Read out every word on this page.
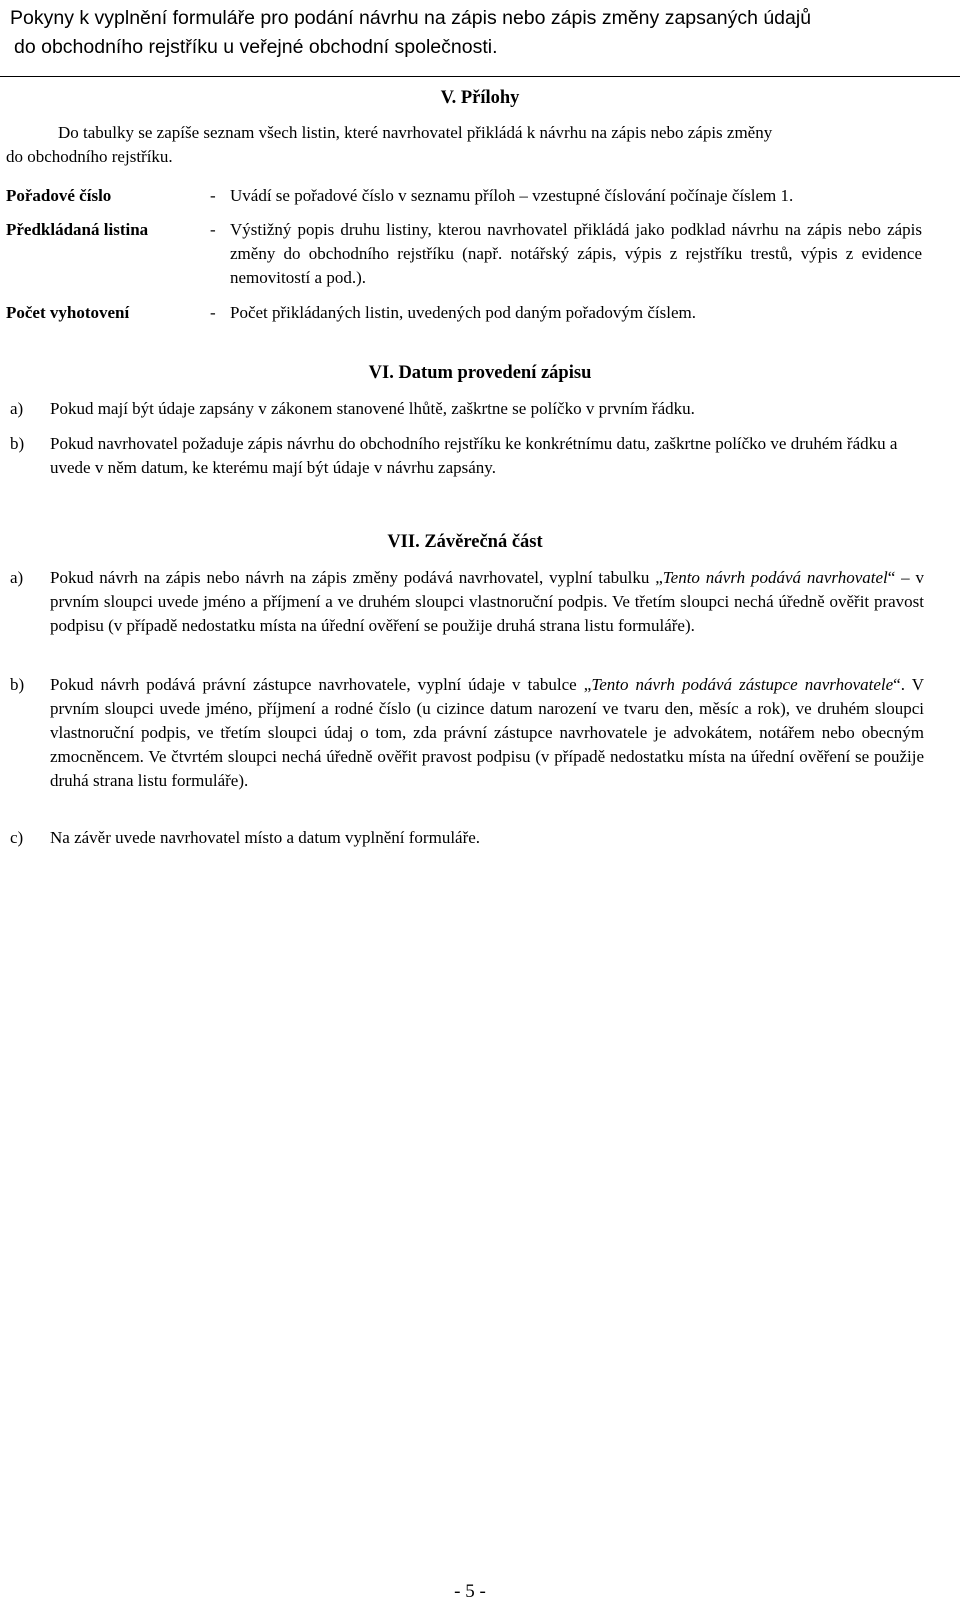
Pokyny k vyplnění formuláře pro podání návrhu na zápis nebo zápis změny zapsaných údajů
do obchodního rejstříku u veřejné obchodní společnosti.
V. Přílohy
Do tabulky se zapíše seznam všech listin, které navrhovatel přikládá k návrhu na zápis nebo zápis změny
do obchodního rejstříku.
Pořadové číslo	- Uvádí se pořadové číslo v seznamu příloh – vzestupné číslování počínaje číslem 1.
Předkládaná listina	- Výstižný popis druhu listiny, kterou navrhovatel přikládá jako podklad návrhu na zápis nebo zápis změny do obchodního rejstříku (např. notářský zápis, výpis z rejstříku trestů, výpis z evidence nemovitostí a pod.).
Počet vyhotovení	- Počet přikládaných listin, uvedených pod daným pořadovým číslem.
VI. Datum provedení zápisu
a)	Pokud mají být údaje zapsány v zákonem stanovené lhůtě, zaškrtne se políčko v prvním řádku.
b)	Pokud navrhovatel požaduje zápis návrhu do obchodního rejstříku ke konkrétnímu datu, zaškrtne políčko ve druhém řádku a uvede v něm datum, ke kterému mají být údaje v návrhu zapsány.
VII. Závěrečná část
a)	Pokud návrh na zápis nebo návrh na zápis změny podává navrhovatel, vyplní tabulku „Tento návrh podává navrhovatel“ – v prvním sloupci uvede jméno a příjmení a ve druhém sloupci vlastnoruční podpis. Ve třetím sloupci nechá úředně ověřit pravost podpisu (v případě nedostatku místa na úřední ověření se použije druhá strana listu formuláře).
b)	Pokud návrh podává právní zástupce navrhovatele, vyplní údaje v tabulce „Tento návrh podává zástupce navrhovatele“. V prvním sloupci uvede jméno, příjmení a rodné číslo (u cizince datum narození ve tvaru den, měsíc a rok), ve druhém sloupci vlastnoruční podpis, ve třetím sloupci údaj o tom, zda právní zástupce navrhovatele je advokátem, notářem nebo obecným zmocněncem. Ve čtvrtém sloupci nechá úředně ověřit pravost podpisu (v případě nedostatku místa na úřední ověření se použije druhá strana listu formuláře).
c)	Na závěr uvede navrhovatel místo a datum vyplnění formuláře.
- 5 -
